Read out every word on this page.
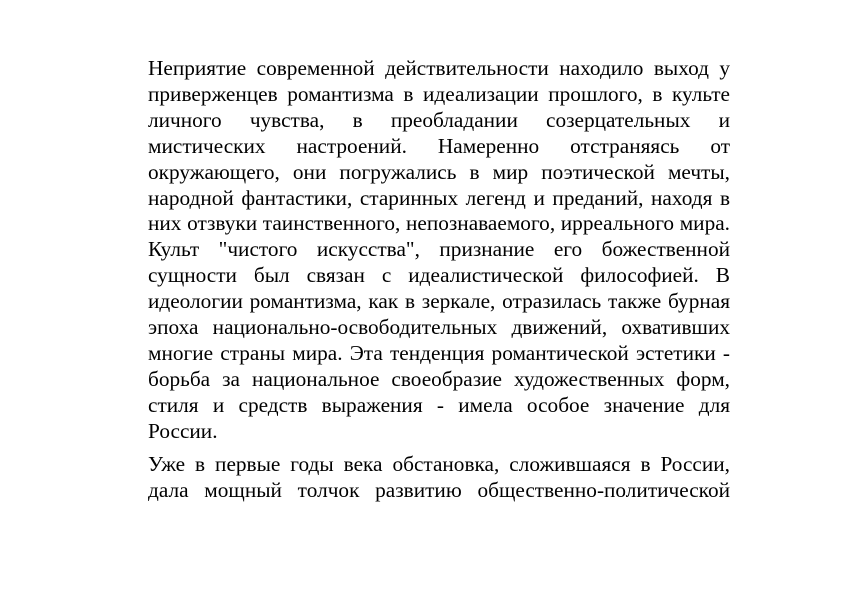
Неприятие современной действительности находило выход у приверженцев романтизма в идеализации прошлого, в культе личного чувства, в преобладании созерцательных и мистических настроений. Намеренно отстраняясь от окружающего, они погружались в мир поэтической мечты, народной фантастики, старинных легенд и преданий, находя в них отзвуки таинственного, непознаваемого, ирреального мира. Культ "чистого искусства", признание его божественной сущности был связан с идеалистической философией. В идеологии романтизма, как в зеркале, отразилась также бурная эпоха национально-освободительных движений, охвативших многие страны мира. Эта тенденция романтической эстетики - борьба за национальное своеобразие художественных форм, стиля и средств выражения - имела особое значение для России.

Уже в первые годы века обстановка, сложившаяся в России, дала мощный толчок развитию общественно-политической
